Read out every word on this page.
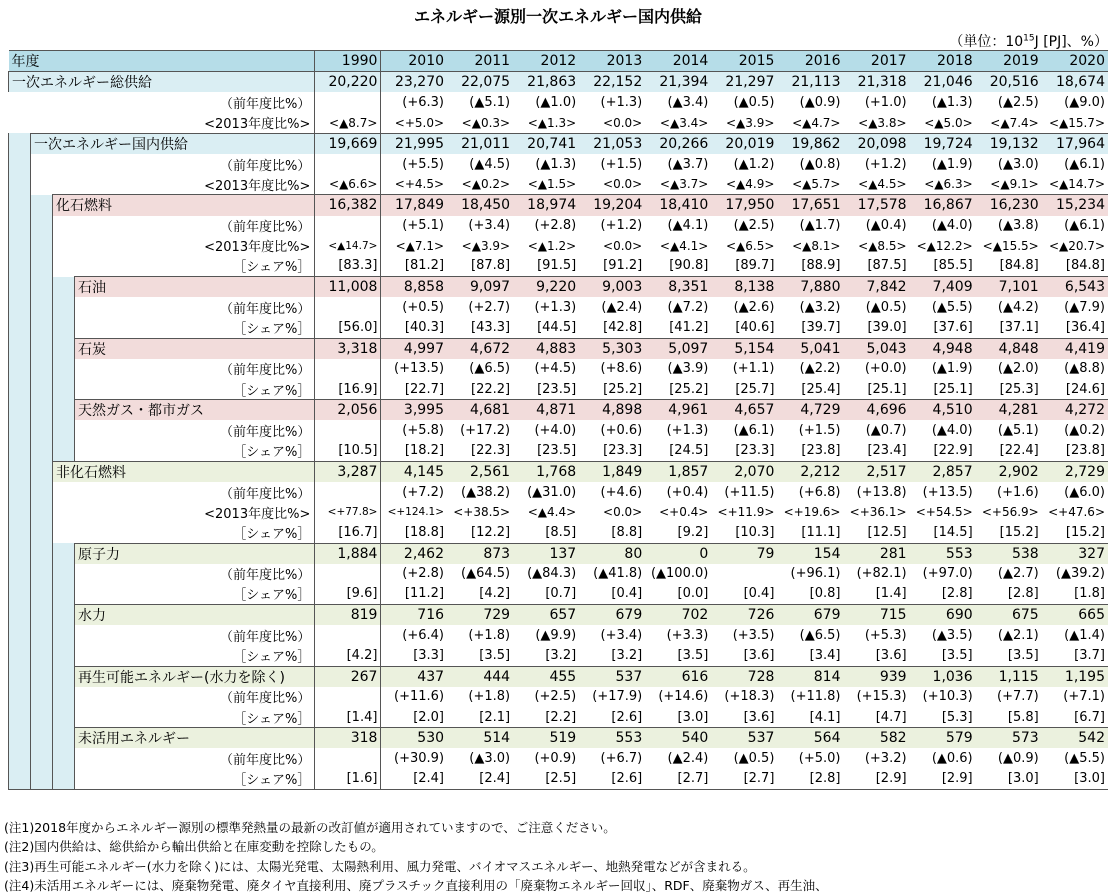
エネルギー源別一次エネルギー国内供給
（単位：$10^{15}J$ [PJ]、%）
年度				1990	2010	2011	2012	2013	2014	2015	2016	2017	2018	2019	2020
一次エネルギー総供給				20,220	23,270	22,075	21,863	22,152	21,394	21,297	21,113	21,318	21,046	20,516	18,674
（前年度比%）					(+6.3)	(▲5.1)	(▲1.0)	(+1.3)	(▲3.4)	(▲0.5)	(▲0.9)	(+1.0)	(▲1.3)	(▲2.5)	(▲9.0)
<2013年度比%>				<▲8.7>	<+5.0>	<▲0.3>	<▲1.3>	<0.0>	<▲3.4>	<▲3.9>	<▲4.7>	<▲3.8>	<▲5.0>	<▲7.4>	<▲15.7>
	一次エネルギー国内供給			19,669	21,995	21,011	20,741	21,053	20,266	20,019	19,862	20,098	19,724	19,132	17,964
	（前年度比%）				(+5.5)	(▲4.5)	(▲1.3)	(+1.5)	(▲3.7)	(▲1.2)	(▲0.8)	(+1.2)	(▲1.9)	(▲3.0)	(▲6.1)
	<2013年度比%>			<▲6.6>	<+4.5>	<▲0.2>	<▲1.5>	<0.0>	<▲3.7>	<▲4.9>	<▲5.7>	<▲4.5>	<▲6.3>	<▲9.1>	<▲14.7>
		化石燃料		16,382	17,849	18,450	18,974	19,204	18,410	17,950	17,651	17,578	16,867	16,230	15,234
		（前年度比%）			(+5.1)	(+3.4)	(+2.8)	(+1.2)	(▲4.1)	(▲2.5)	(▲1.7)	(▲0.4)	(▲4.0)	(▲3.8)	(▲6.1)
		<2013年度比%>		<▲14.7>	<▲7.1>	<▲3.9>	<▲1.2>	<0.0>	<▲4.1>	<▲6.5>	<▲8.1>	<▲8.5>	<▲12.2>	<▲15.5>	<▲20.7>
		［シェア%］		[83.3]	[81.2]	[87.8]	[91.5]	[91.2]	[90.8]	[89.7]	[88.9]	[87.5]	[85.5]	[84.8]	[84.8]
			石油	11,008	8,858	9,097	9,220	9,003	8,351	8,138	7,880	7,842	7,409	7,101	6,543
			（前年度比%）		(+0.5)	(+2.7)	(+1.3)	(▲2.4)	(▲7.2)	(▲2.6)	(▲3.2)	(▲0.5)	(▲5.5)	(▲4.2)	(▲7.9)
			［シェア%］	[56.0]	[40.3]	[43.3]	[44.5]	[42.8]	[41.2]	[40.6]	[39.7]	[39.0]	[37.6]	[37.1]	[36.4]
			石炭	3,318	4,997	4,672	4,883	5,303	5,097	5,154	5,041	5,043	4,948	4,848	4,419
			（前年度比%）		(+13.5)	(▲6.5)	(+4.5)	(+8.6)	(▲3.9)	(+1.1)	(▲2.2)	(+0.0)	(▲1.9)	(▲2.0)	(▲8.8)
			［シェア%］	[16.9]	[22.7]	[22.2]	[23.5]	[25.2]	[25.2]	[25.7]	[25.4]	[25.1]	[25.1]	[25.3]	[24.6]
			天然ガス・都市ガス	2,056	3,995	4,681	4,871	4,898	4,961	4,657	4,729	4,696	4,510	4,281	4,272
			（前年度比%）		(+5.8)	(+17.2)	(+4.0)	(+0.6)	(+1.3)	(▲6.1)	(+1.5)	(▲0.7)	(▲4.0)	(▲5.1)	(▲0.2)
			［シェア%］	[10.5]	[18.2]	[22.3]	[23.5]	[23.3]	[24.5]	[23.3]	[23.8]	[23.4]	[22.9]	[22.4]	[23.8]
		非化石燃料		3,287	4,145	2,561	1,768	1,849	1,857	2,070	2,212	2,517	2,857	2,902	2,729
		（前年度比%）			(+7.2)	(▲38.2)	(▲31.0)	(+4.6)	(+0.4)	(+11.5)	(+6.8)	(+13.8)	(+13.5)	(+1.6)	(▲6.0)
		<2013年度比%>		<+77.8>	<+124.1>	<+38.5>	<▲4.4>	<0.0>	<+0.4>	<+11.9>	<+19.6>	<+36.1>	<+54.5>	<+56.9>	<+47.6>
		［シェア%］		[16.7]	[18.8]	[12.2]	[8.5]	[8.8]	[9.2]	[10.3]	[11.1]	[12.5]	[14.5]	[15.2]	[15.2]
			原子力	1,884	2,462	873	137	80	0	79	154	281	553	538	327
			（前年度比%）		(+2.8)	(▲64.5)	(▲84.3)	(▲41.8)	(▲100.0)		(+96.1)	(+82.1)	(+97.0)	(▲2.7)	(▲39.2)
			［シェア%］	[9.6]	[11.2]	[4.2]	[0.7]	[0.4]	[0.0]	[0.4]	[0.8]	[1.4]	[2.8]	[2.8]	[1.8]
			水力	819	716	729	657	679	702	726	679	715	690	675	665
			（前年度比%）		(+6.4)	(+1.8)	(▲9.9)	(+3.4)	(+3.3)	(+3.5)	(▲6.5)	(+5.3)	(▲3.5)	(▲2.1)	(▲1.4)
			［シェア%］	[4.2]	[3.3]	[3.5]	[3.2]	[3.2]	[3.5]	[3.6]	[3.4]	[3.6]	[3.5]	[3.5]	[3.7]
			再生可能エネルギー(水力を除く)	267	437	444	455	537	616	728	814	939	1,036	1,115	1,195
			（前年度比%）		(+11.6)	(+1.8)	(+2.5)	(+17.9)	(+14.6)	(+18.3)	(+11.8)	(+15.3)	(+10.3)	(+7.7)	(+7.1)
			［シェア%］	[1.4]	[2.0]	[2.1]	[2.2]	[2.6]	[3.0]	[3.6]	[4.1]	[4.7]	[5.3]	[5.8]	[6.7]
			未活用エネルギー	318	530	514	519	553	540	537	564	582	579	573	542
			（前年度比%）		(+30.9)	(▲3.0)	(+0.9)	(+6.7)	(▲2.4)	(▲0.5)	(+5.0)	(+3.2)	(▲0.6)	(▲0.9)	(▲5.5)
			［シェア%］	[1.6]	[2.4]	[2.4]	[2.5]	[2.6]	[2.7]	[2.7]	[2.8]	[2.9]	[2.9]	[3.0]	[3.0]
(注1)2018年度からエネルギー源別の標準発熱量の最新の改訂値が適用されていますので、ご注意ください。
(注2)国内供給は、総供給から輸出供給と在庫変動を控除したもの。
(注3)再生可能エネルギー(水力を除く)には、太陽光発電、太陽熱利用、風力発電、バイオマスエネルギー、地熱発電などが含まれる。
(注4)未活用エネルギーには、廃棄物発電、廃タイヤ直接利用、廃プラスチック直接利用の「廃棄物エネルギー回収」、RDF、廃棄物ガス、再生油、
